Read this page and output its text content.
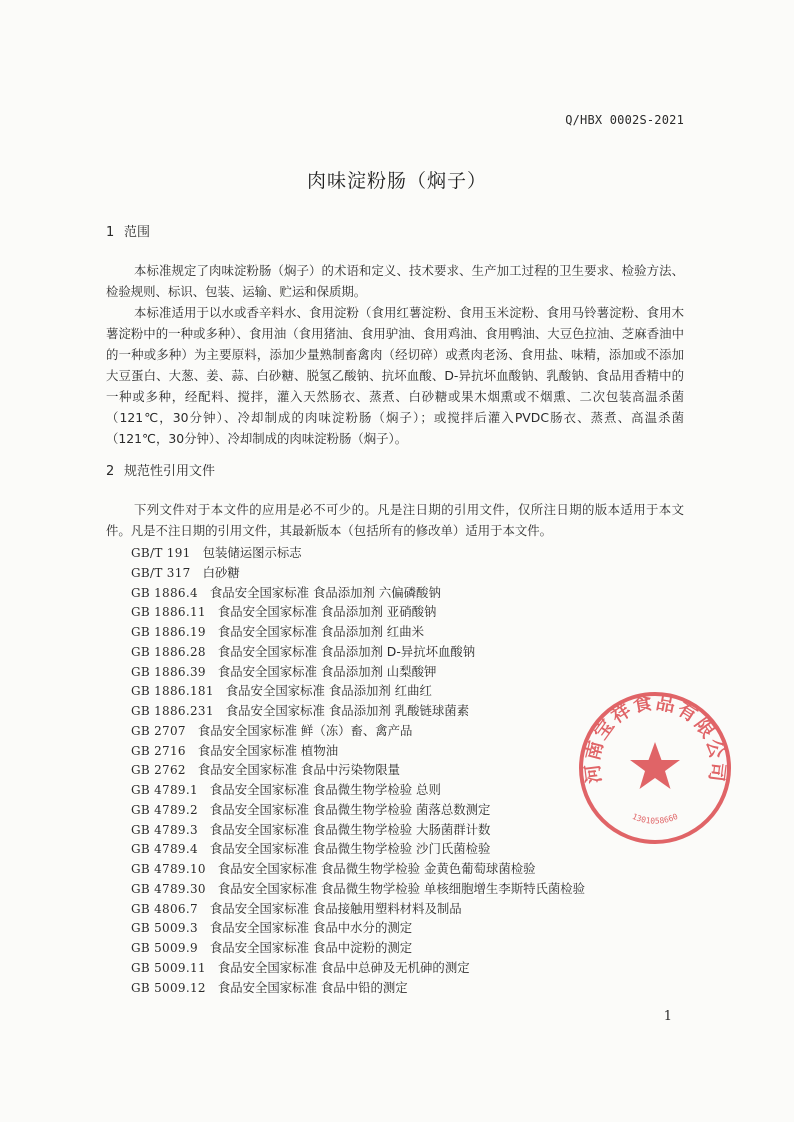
Q/HBX 0002S-2021
肉味淀粉肠（焖子）
1 范围

本标准规定了肉味淀粉肠（焖子）的术语和定义、技术要求、生产加工过程的卫生要求、检验方法、检验规则、标识、包装、运输、贮运和保质期。

本标准适用于以水或香辛料水、食用淀粉（食用红薯淀粉、食用玉米淀粉、食用马铃薯淀粉、食用木薯淀粉中的一种或多种）、食用油（食用猪油、食用驴油、食用鸡油、食用鸭油、大豆色拉油、芝麻香油中的一种或多种）为主要原料，添加少量熟制畜禽肉（经切碎）或煮肉老汤、食用盐、味精，添加或不添加大豆蛋白、大葱、姜、蒜、白砂糖、脱氢乙酸钠、抗坏血酸、D-异抗坏血酸钠、乳酸钠、食品用香精中的一种或多种，经配料、搅拌，灌入天然肠衣、蒸煮、白砂糖或果木烟熏或不烟熏、二次包装高温杀菌（121℃，30分钟）、冷却制成的肉味淀粉肠（焖子）；或搅拌后灌入PVDC肠衣、蒸煮、高温杀菌（121℃，30分钟）、冷却制成的肉味淀粉肠（焖子）。

2 规范性引用文件

下列文件对于本文件的应用是必不可少的。凡是注日期的引用文件，仅所注日期的版本适用于本文件。凡是不注日期的引用文件，其最新版本（包括所有的修改单）适用于本文件。

GB/T 191 包装储运图示标志
GB/T 317 白砂糖
GB 1886.4 食品安全国家标准 食品添加剂 六偏磷酸钠
GB 1886.11 食品安全国家标准 食品添加剂 亚硝酸钠
GB 1886.19 食品安全国家标准 食品添加剂 红曲米
GB 1886.28 食品安全国家标准 食品添加剂 D-异抗坏血酸钠
GB 1886.39 食品安全国家标准 食品添加剂 山梨酸钾
GB 1886.181 食品安全国家标准 食品添加剂 红曲红
GB 1886.231 食品安全国家标准 食品添加剂 乳酸链球菌素
GB 2707 食品安全国家标准 鲜（冻）畜、禽产品
GB 2716 食品安全国家标准 植物油
GB 2762 食品安全国家标准 食品中污染物限量
GB 4789.1 食品安全国家标准 食品微生物学检验 总则
GB 4789.2 食品安全国家标准 食品微生物学检验 菌落总数测定
GB 4789.3 食品安全国家标准 食品微生物学检验 大肠菌群计数
GB 4789.4 食品安全国家标准 食品微生物学检验 沙门氏菌检验
GB 4789.10 食品安全国家标准 食品微生物学检验 金黄色葡萄球菌检验
GB 4789.30 食品安全国家标准 食品微生物学检验 单核细胞增生李斯特氏菌检验
GB 4806.7 食品安全国家标准 食品接触用塑料材料及制品
GB 5009.3 食品安全国家标准 食品中水分的测定
GB 5009.9 食品安全国家标准 食品中淀粉的测定
GB 5009.11 食品安全国家标准 食品中总砷及无机砷的测定
GB 5009.12 食品安全国家标准 食品中铅的测定
河南宝祥食品有限公司
1301058660
1
